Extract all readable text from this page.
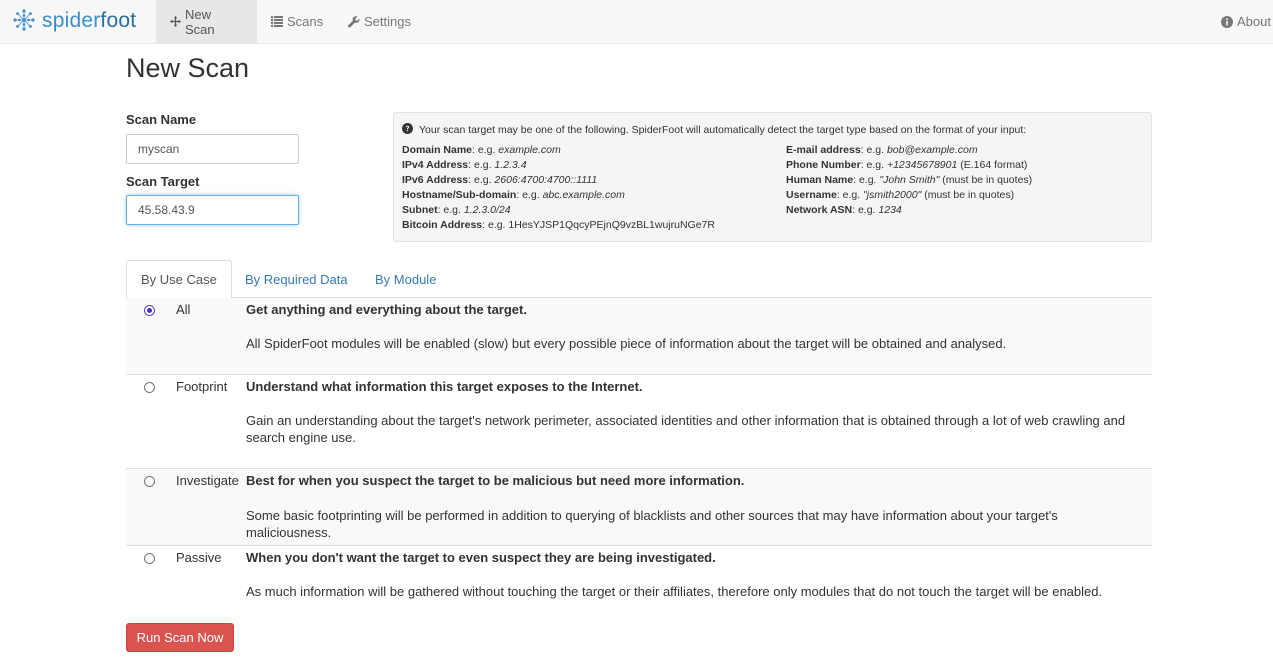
spiderfoot	New Scan	Scans	Settings	About
New Scan
Scan Name
myscan
Scan Target
45.58.43.9
Your scan target may be one of the following. SpiderFoot will automatically detect the target type based on the format of your input:
Domain Name: e.g. example.com
IPv4 Address: e.g. 1.2.3.4
IPv6 Address: e.g. 2606:4700:4700::1111
Hostname/Sub-domain: e.g. abc.example.com
Subnet: e.g. 1.2.3.0/24
Bitcoin Address: e.g. 1HesYJSP1QqcyPEjnQ9vzBL1wujruNGe7R
E-mail address: e.g. bob@example.com
Phone Number: e.g. +12345678901 (E.164 format)
Human Name: e.g. "John Smith" (must be in quotes)
Username: e.g. "jsmith2000" (must be in quotes)
Network ASN: e.g. 1234
By Use Case	By Required Data	By Module
All	Get anything and everything about the target.
All SpiderFoot modules will be enabled (slow) but every possible piece of information about the target will be obtained and analysed.
Footprint Understand what information this target exposes to the Internet.
Gain an understanding about the target's network perimeter, associated identities and other information that is obtained through a lot of web crawling and search engine use.
Investigate Best for when you suspect the target to be malicious but need more information.
Some basic footprinting will be performed in addition to querying of blacklists and other sources that may have information about your target's maliciousness.
Passive When you don't want the target to even suspect they are being investigated.
As much information will be gathered without touching the target or their affiliates, therefore only modules that do not touch the target will be enabled.
Run Scan Now
